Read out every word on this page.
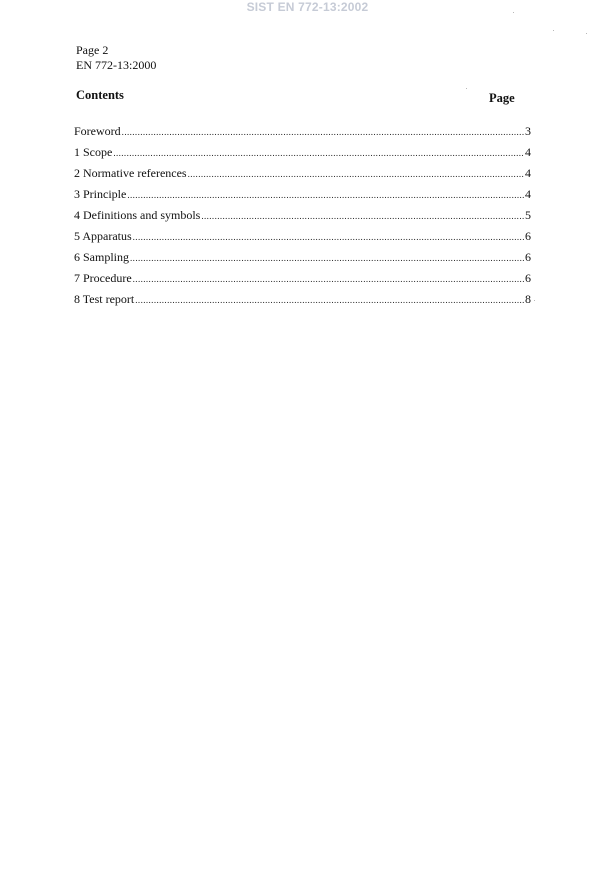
SIST EN 772-13:2002
Page 2
EN 772-13:2000
Contents	Page
Foreword .....	3
1 Scope .....	4
2 Normative references .....	4
3 Principle .....	4
4 Definitions and symbols .....	5
5 Apparatus .....	6
6 Sampling .....	6
7 Procedure .....	6
8 Test report .....	8
